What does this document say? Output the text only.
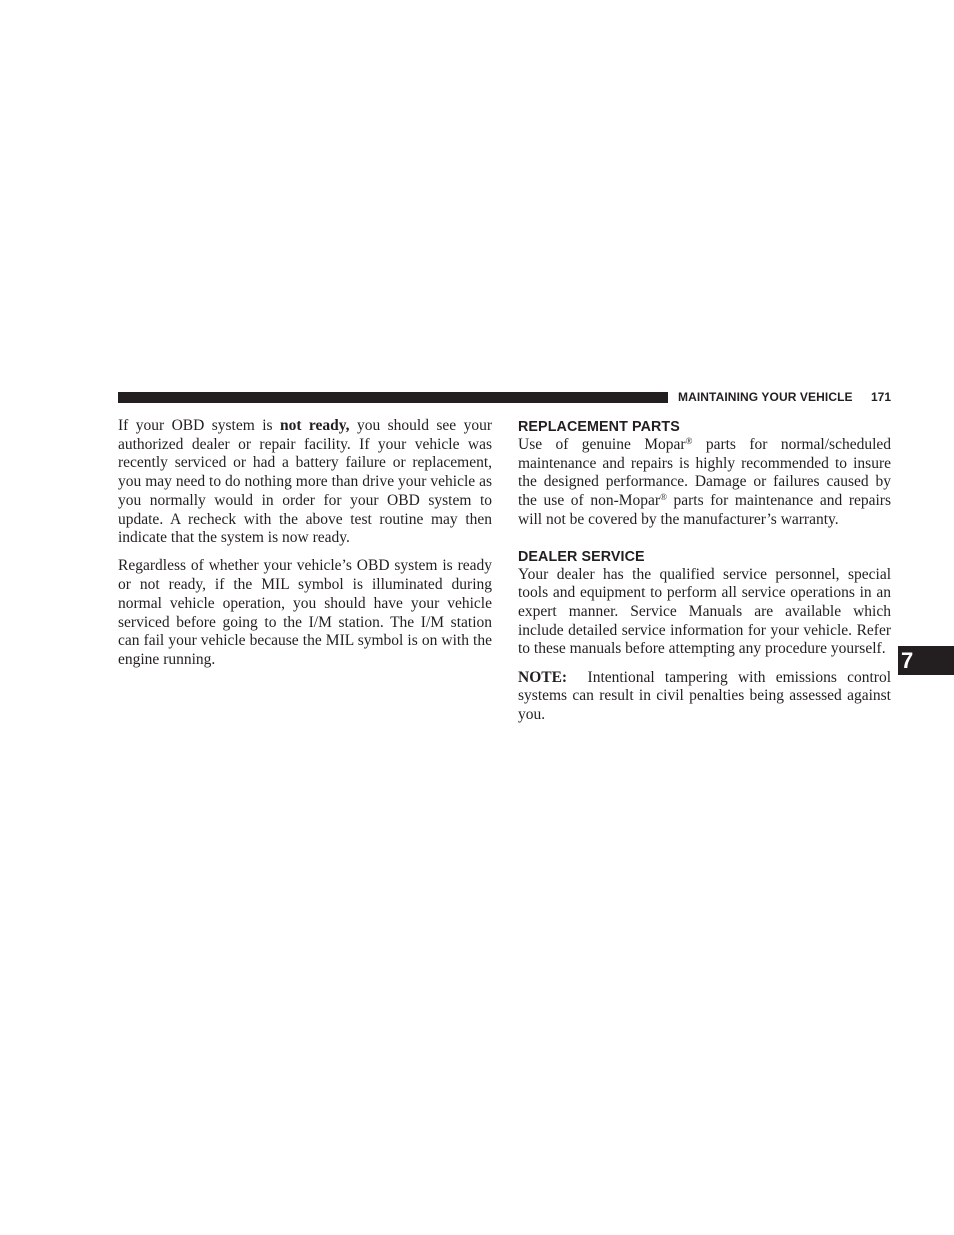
MAINTAINING YOUR VEHICLE 171

If your OBD system is not ready, you should see your authorized dealer or repair facility. If your vehicle was recently serviced or had a battery failure or replacement, you may need to do nothing more than drive your vehicle as you normally would in order for your OBD system to update. A recheck with the above test routine may then indicate that the system is now ready.

Regardless of whether your vehicle’s OBD system is ready or not ready, if the MIL symbol is illuminated during normal vehicle operation, you should have your vehicle serviced before going to the I/M station. The I/M station can fail your vehicle because the MIL symbol is on with the engine running.

REPLACEMENT PARTS

Use of genuine Mopar® parts for normal/scheduled maintenance and repairs is highly recommended to insure the designed performance. Damage or failures caused by the use of non-Mopar® parts for maintenance and repairs will not be covered by the manufacturer’s warranty.

DEALER SERVICE

Your dealer has the qualified service personnel, special tools and equipment to perform all service operations in an expert manner. Service Manuals are available which include detailed service information for your vehicle. Refer to these manuals before attempting any procedure yourself.

NOTE:  Intentional tampering with emissions control systems can result in civil penalties being assessed against you.

7
